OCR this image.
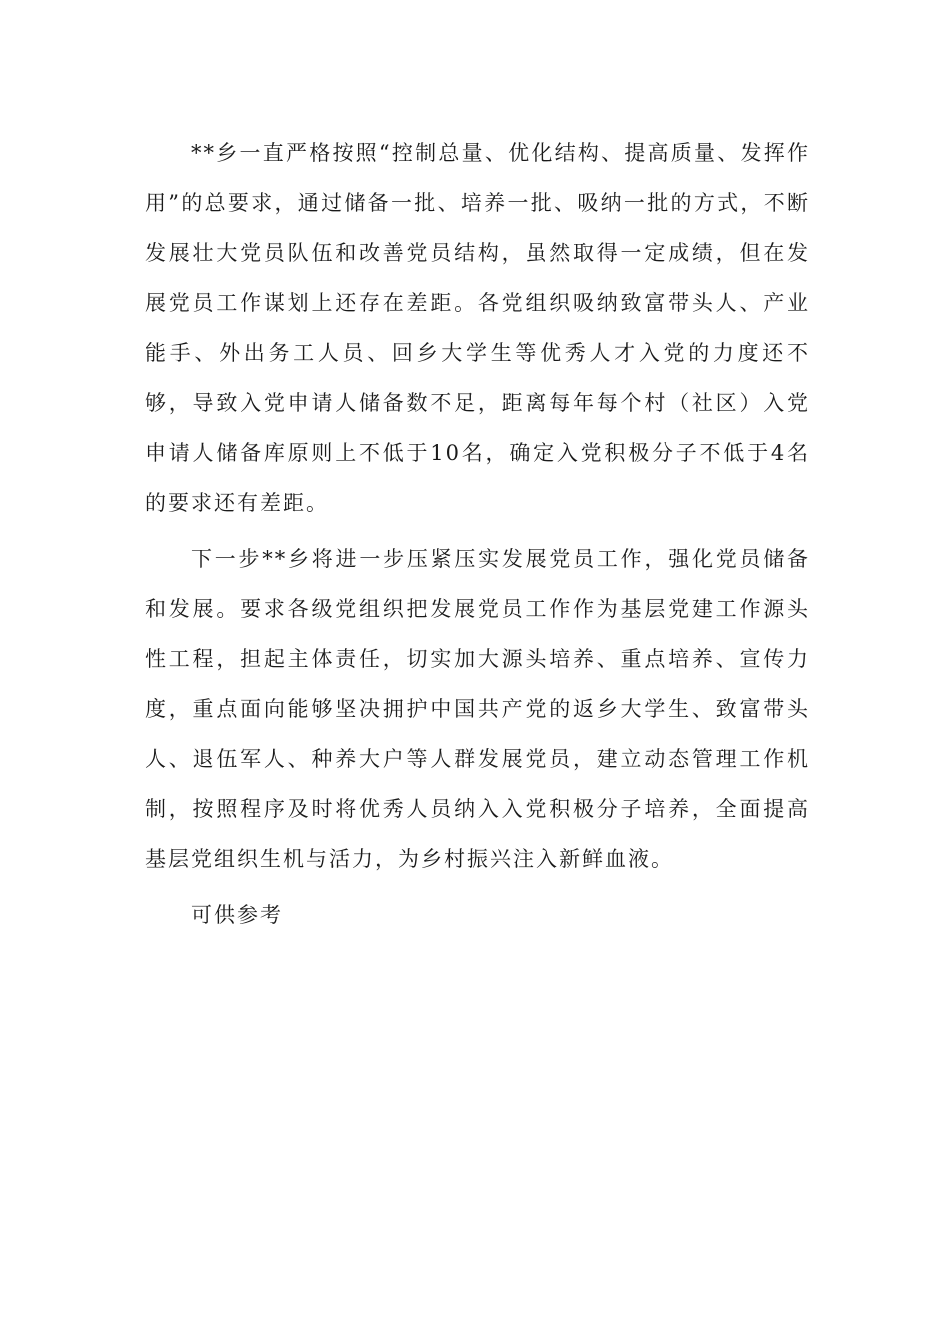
**乡一直严格按照“控制总量、优化结构、提高质量、发挥作用”的总要求，通过储备一批、培养一批、吸纳一批的方式，不断发展壮大党员队伍和改善党员结构，虽然取得一定成绩，但在发展党员工作谋划上还存在差距。各党组织吸纳致富带头人、产业能手、外出务工人员、回乡大学生等优秀人才入党的力度还不够，导致入党申请人储备数不足，距离每年每个村（社区）入党申请人储备库原则上不低于10名，确定入党积极分子不低于4名的要求还有差距。

下一步**乡将进一步压紧压实发展党员工作，强化党员储备和发展。要求各级党组织把发展党员工作作为基层党建工作源头性工程，担起主体责任，切实加大源头培养、重点培养、宣传力度，重点面向能够坚决拥护中国共产党的返乡大学生、致富带头人、退伍军人、种养大户等人群发展党员，建立动态管理工作机制，按照程序及时将优秀人员纳入入党积极分子培养，全面提高基层党组织生机与活力，为乡村振兴注入新鲜血液。

可供参考
